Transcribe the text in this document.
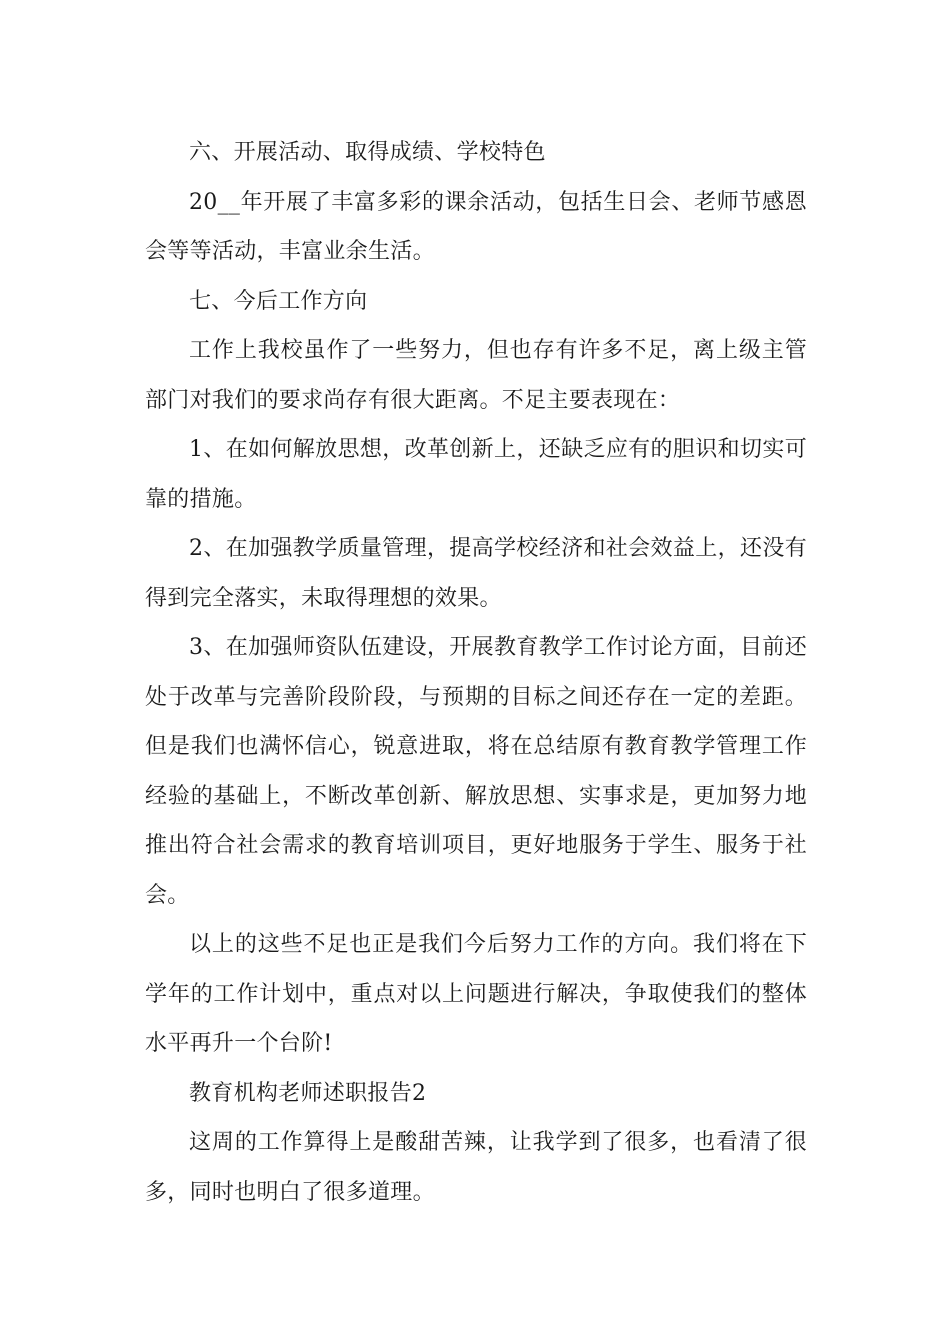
六、开展活动、取得成绩、学校特色

20__年开展了丰富多彩的课余活动，包括生日会、老师节感恩会等等活动，丰富业余生活。

七、今后工作方向

工作上我校虽作了一些努力，但也存有许多不足，离上级主管部门对我们的要求尚存有很大距离。不足主要表现在：

1、在如何解放思想，改革创新上，还缺乏应有的胆识和切实可靠的措施。

2、在加强教学质量管理，提高学校经济和社会效益上，还没有得到完全落实，未取得理想的效果。

3、在加强师资队伍建设，开展教育教学工作讨论方面，目前还处于改革与完善阶段阶段，与预期的目标之间还存在一定的差距。但是我们也满怀信心，锐意进取，将在总结原有教育教学管理工作经验的基础上，不断改革创新、解放思想、实事求是，更加努力地推出符合社会需求的教育培训项目，更好地服务于学生、服务于社会。

以上的这些不足也正是我们今后努力工作的方向。我们将在下学年的工作计划中，重点对以上问题进行解决，争取使我们的整体水平再升一个台阶!

教育机构老师述职报告2

这周的工作算得上是酸甜苦辣，让我学到了很多，也看清了很多，同时也明白了很多道理。
